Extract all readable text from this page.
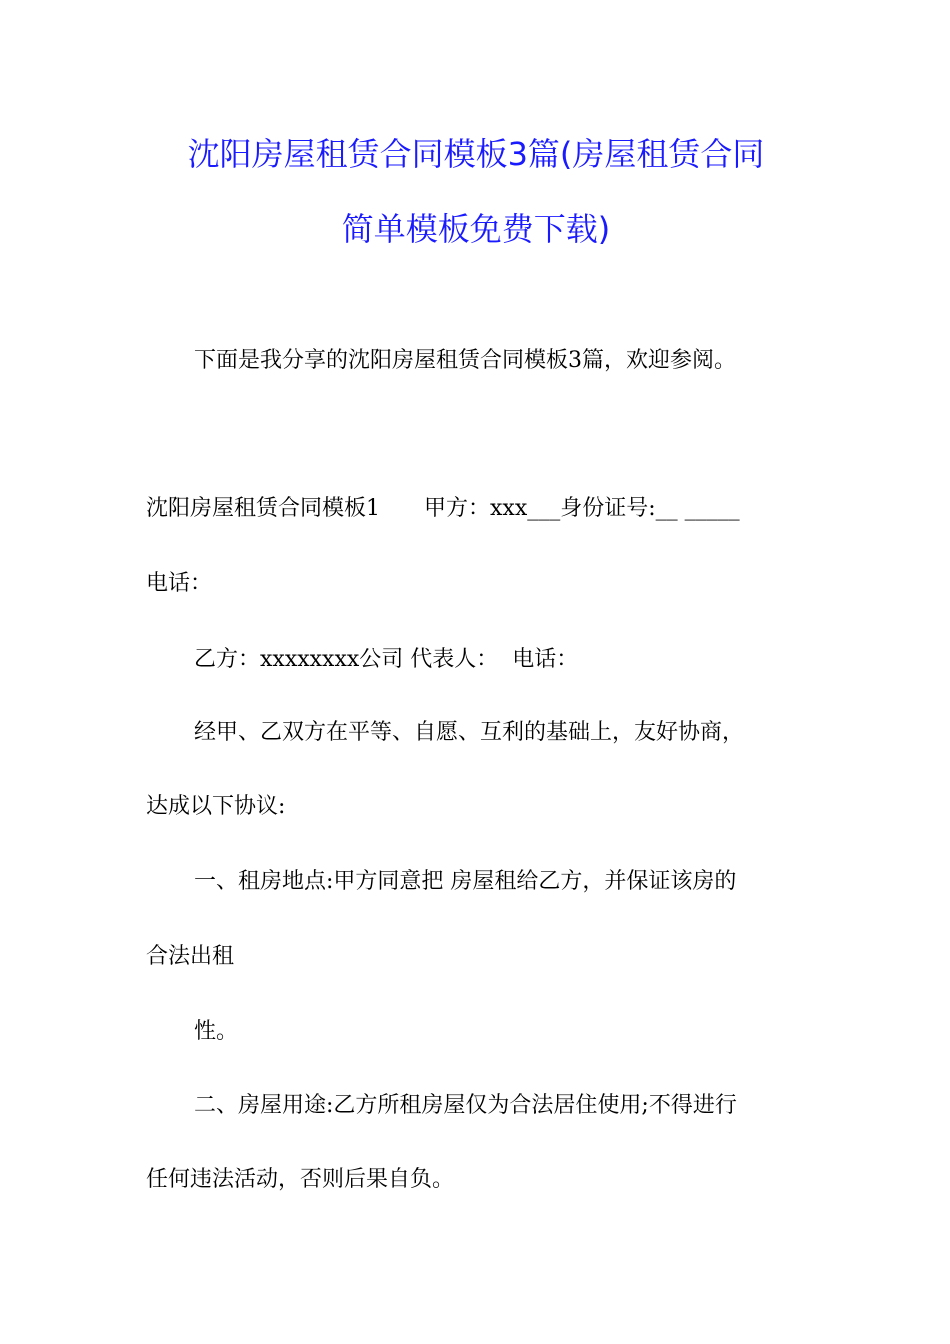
沈阳房屋租赁合同模板3篇(房屋租赁合同
简单模板免费下载)
下面是我分享的沈阳房屋租赁合同模板3篇，欢迎参阅。
沈阳房屋租赁合同模板1　　甲方：xxx___身份证号:__ _____
电话：
乙方：xxxxxxxx公司 代表人：  电话：
经甲、乙双方在平等、自愿、互利的基础上，友好协商，
达成以下协议:
一、租房地点:甲方同意把 房屋租给乙方，并保证该房的
合法出租
性。
二、房屋用途:乙方所租房屋仅为合法居住使用;不得进行
任何违法活动，否则后果自负。
